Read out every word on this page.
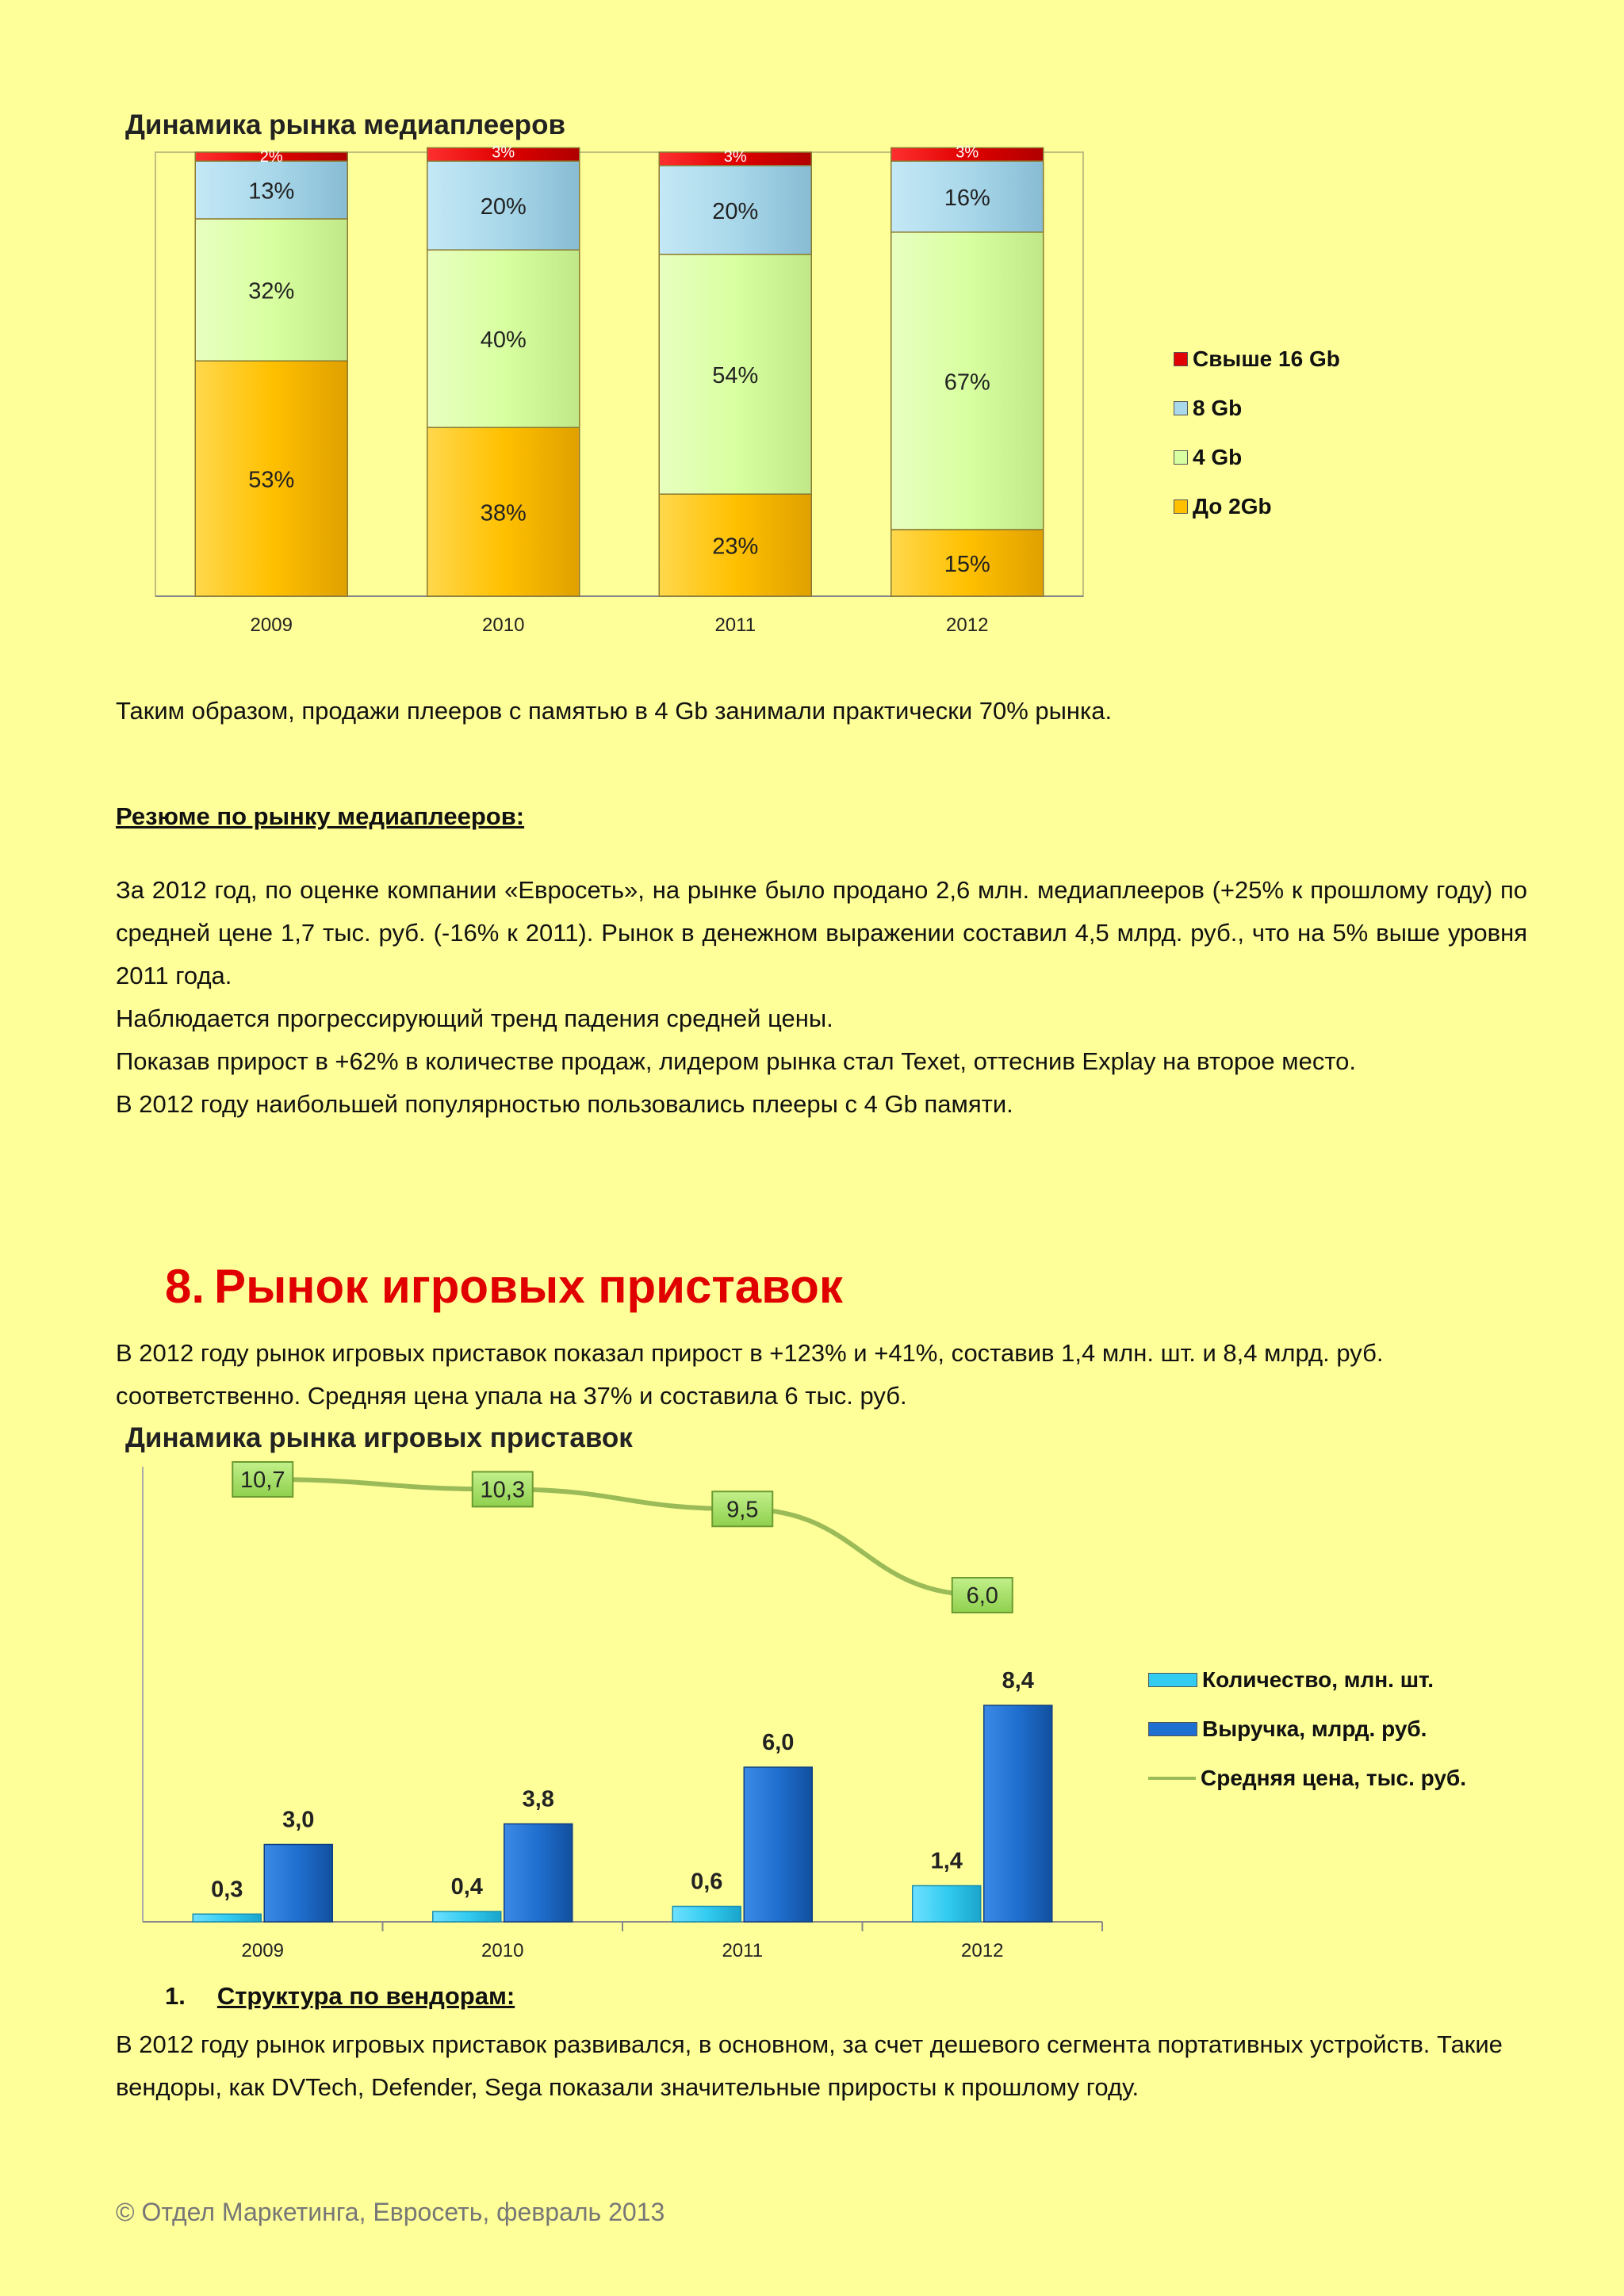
Динамика рынка медиаплееров
53%
32%
13%
2%
2009
38%
40%
20%
3%
2010
23%
54%
20%
3%
2011
15%
67%
16%
3%
2012
Свыше 16 Gb
8 Gb
4 Gb
До 2Gb
Таким образом, продажи плееров с памятью в 4 Gb занимали практически 70% рынка.
Резюме по рынку медиаплееров:
За 2012 год, по оценке компании «Евросеть», на рынке было продано 2,6 млн. медиаплееров (+25% к прошлому году) по средней цене 1,7 тыс. руб. (-16% к 2011). Рынок в денежном выражении составил 4,5 млрд. руб., что на 5% выше уровня 2011 года.
Наблюдается прогрессирующий тренд падения средней цены.
Показав прирост в +62% в количестве продаж, лидером рынка стал Texet, оттеснив Explay на второе место.
В 2012 году наибольшей популярностью пользовались плееры с 4 Gb памяти.
8. Рынок игровых приставок
В 2012 году рынок игровых приставок показал прирост в +123% и +41%, составив 1,4 млн. шт. и 8,4 млрд. руб. соответственно. Средняя цена упала на 37% и составила 6 тыс. руб.
Динамика рынка игровых приставок
0,3
3,0
2009
0,4
3,8
2010
0,6
6,0
2011
1,4
8,4
2012
10,7	10,3
9,5
6,0
Количество, млн. шт.
Выручка, млрд. руб.
Средняя цена, тыс. руб.
1. Структура по вендорам:
В 2012 году рынок игровых приставок развивался, в основном, за счет дешевого сегмента портативных устройств. Такие вендоры, как DVTech, Defender, Sega показали значительные приросты к прошлому году.
© Отдел Маркетинга, Евросеть, февраль 2013
